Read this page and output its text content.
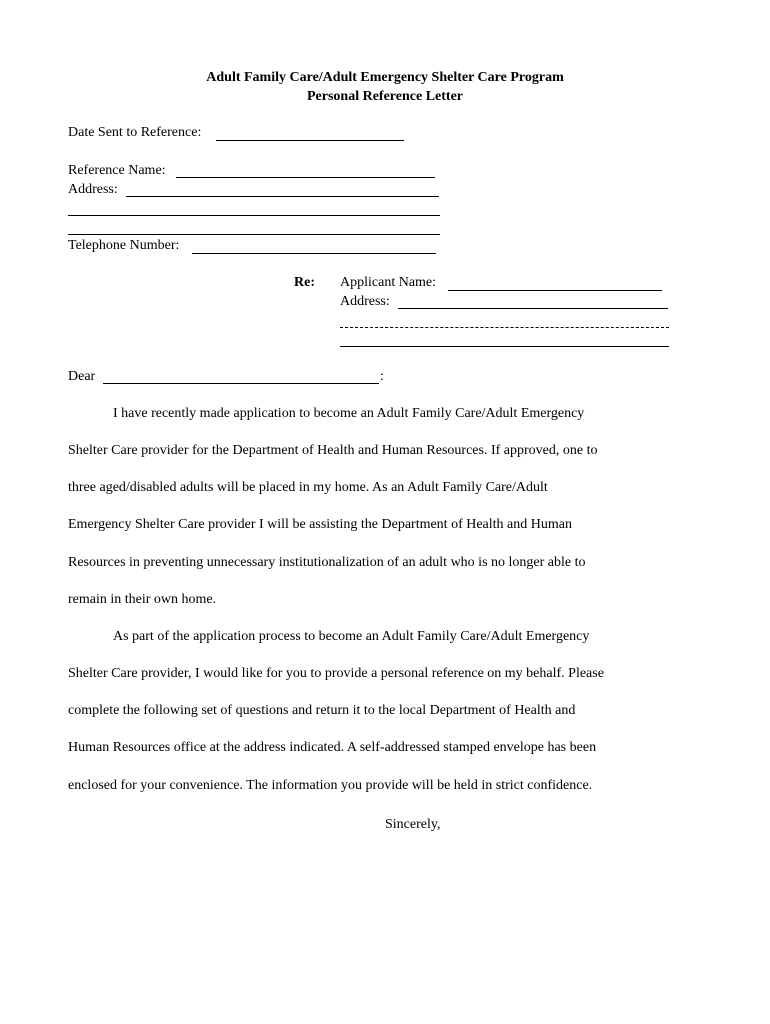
Adult Family Care/Adult Emergency Shelter Care Program
Personal Reference Letter
Date Sent to Reference:
Reference Name:
Address:
Telephone Number:
Re: Applicant Name:
Address:
Dear	:
I have recently made application to become an Adult Family Care/Adult Emergency
Shelter Care provider for the Department of Health and Human Resources. If approved, one to
three aged/disabled adults will be placed in my home. As an Adult Family Care/Adult
Emergency Shelter Care provider I will be assisting the Department of Health and Human
Resources in preventing unnecessary institutionalization of an adult who is no longer able to
remain in their own home.
As part of the application process to become an Adult Family Care/Adult Emergency
Shelter Care provider, I would like for you to provide a personal reference on my behalf. Please
complete the following set of questions and return it to the local Department of Health and
Human Resources office at the address indicated. A self-addressed stamped envelope has been
enclosed for your convenience. The information you provide will be held in strict confidence.
Sincerely,
